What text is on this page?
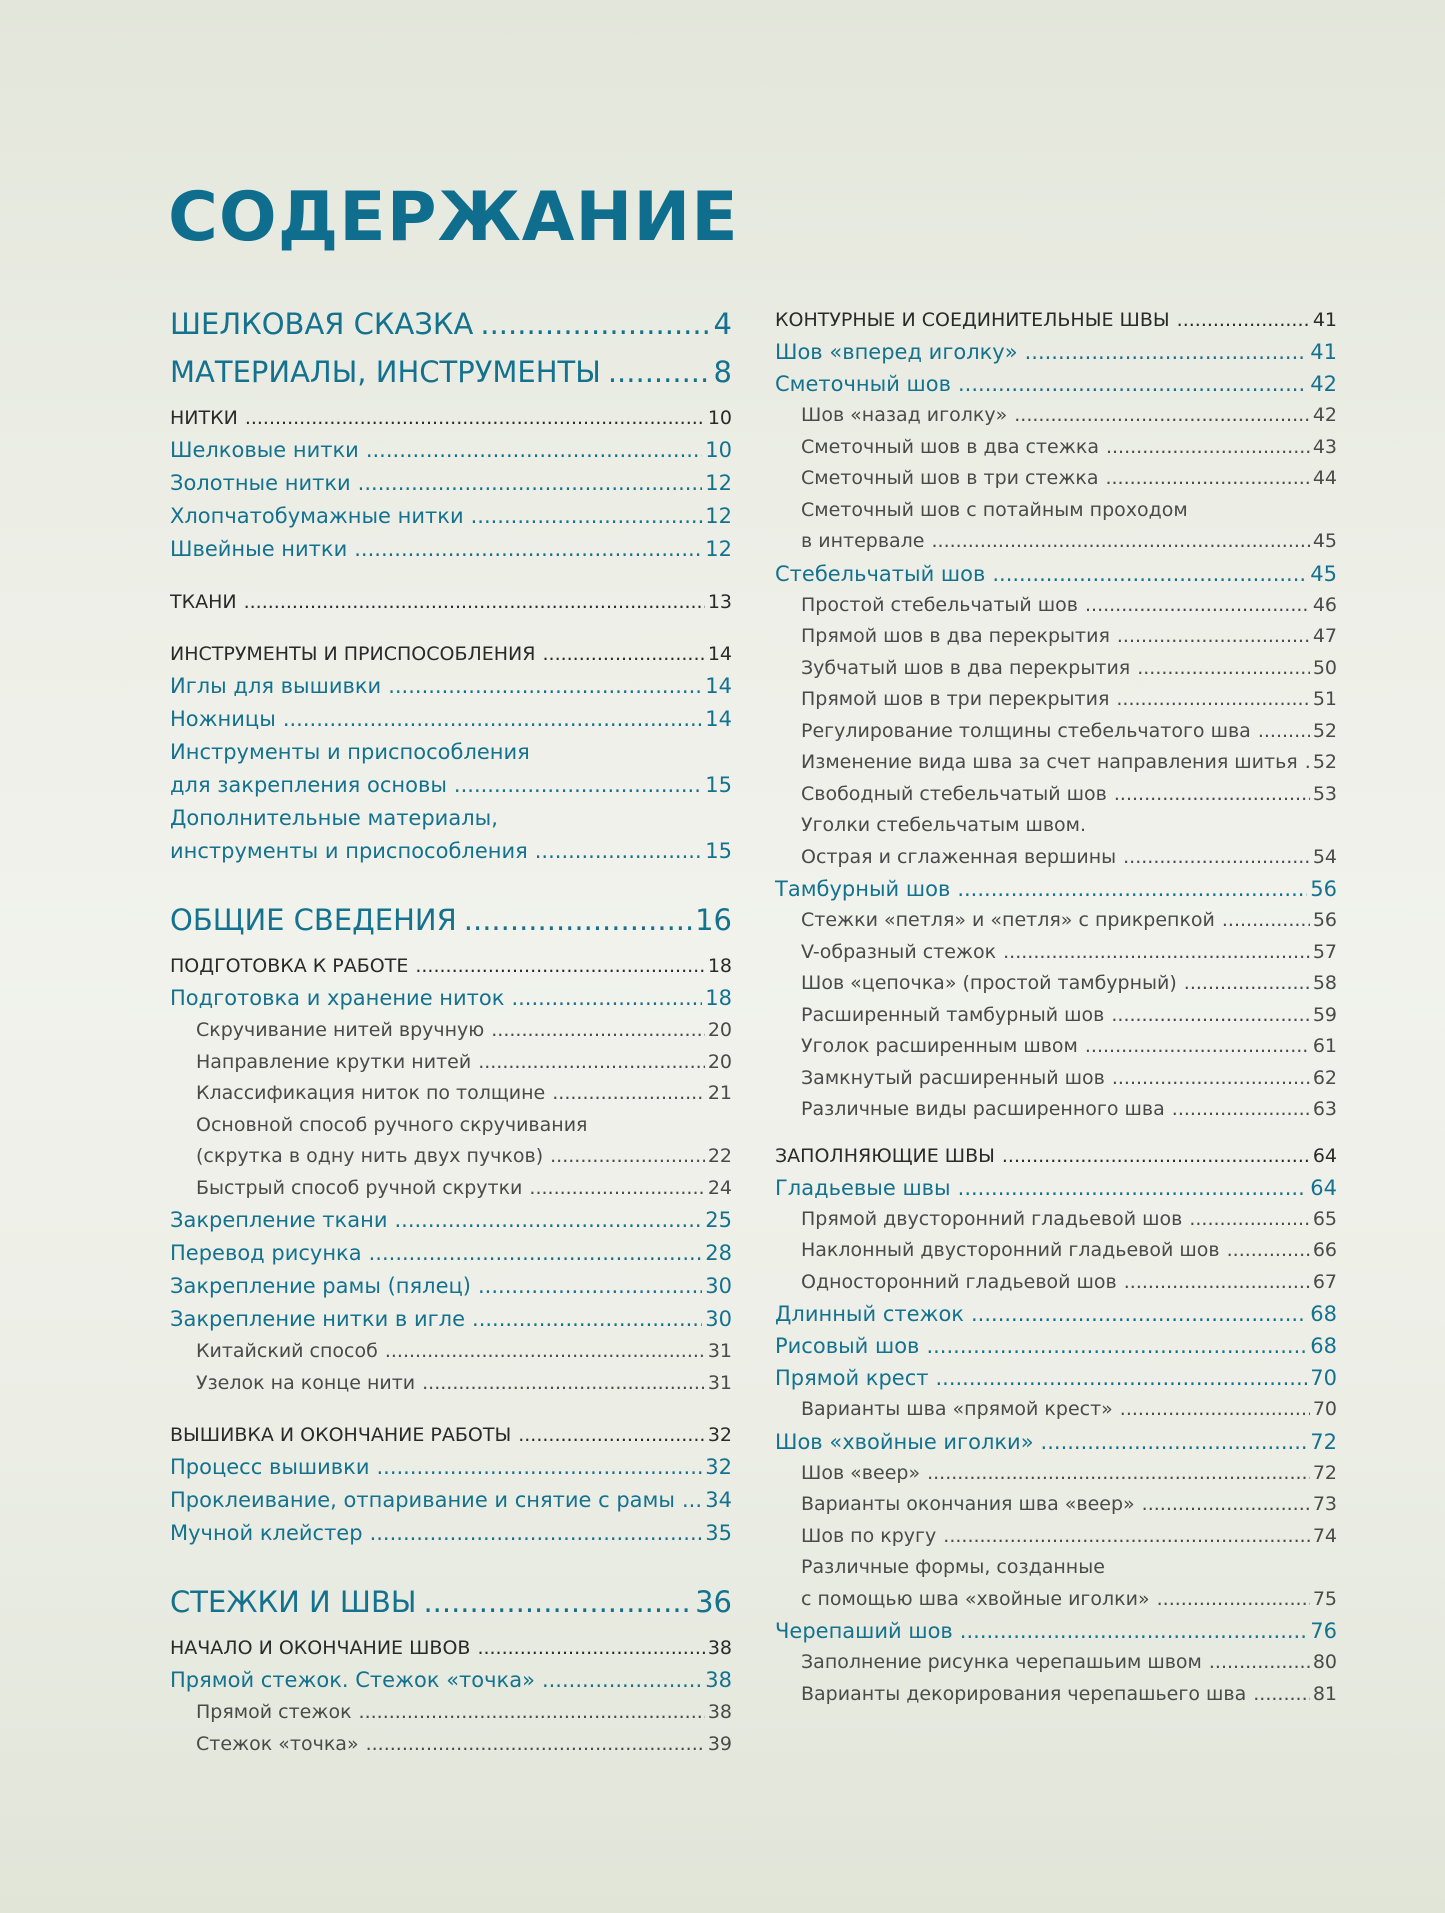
СОДЕРЖАНИЕ
ШЕЛКОВАЯ СКАЗКА .....	4
МАТЕРИАЛЫ, ИНСТРУМЕНТЫ .....	8
НИТКИ .....	10
Шелковые нитки .....	10
Золотные нитки .....	12
Хлопчатобумажные нитки .....	12
Швейные нитки .....	12
ТКАНИ .....	13
ИНСТРУМЕНТЫ И ПРИСПОСОБЛЕНИЯ .....	14
Иглы для вышивки .....	14
Ножницы .....	14
Инструменты и приспособления
для закрепления основы .....	15
Дополнительные материалы,
инструменты и приспособления .....	15
ОБЩИЕ СВЕДЕНИЯ .....	16
ПОДГОТОВКА К РАБОТЕ .....	18
Подготовка и хранение ниток .....	18
Скручивание нитей вручную .....	20
Направление крутки нитей .....	20
Классификация ниток по толщине .....	21
Основной способ ручного скручивания
(скрутка в одну нить двух пучков) .....	22
Быстрый способ ручной скрутки .....	24
Закрепление ткани .....	25
Перевод рисунка .....	28
Закрепление рамы (пялец) .....	30
Закрепление нитки в игле .....	30
Китайский способ .....	31
Узелок на конце нити .....	31
ВЫШИВКА И ОКОНЧАНИЕ РАБОТЫ .....	32
Процесс вышивки .....	32
Проклеивание, отпаривание и снятие с рамы ..... 34
Мучной клейстер .....	35
СТЕЖКИ И ШВЫ .....	36
НАЧАЛО И ОКОНЧАНИЕ ШВОВ .....	38
Прямой стежок. Стежок «точка» .....	38
Прямой стежок .....	38
Стежок «точка» .....	39
КОНТУРНЫЕ И СОЕДИНИТЕЛЬНЫЕ ШВЫ .....	41
Шов «вперед иголку» .....	41
Сметочный шов .....	42
Шов «назад иголку» .....	42
Сметочный шов в два стежка .....	43
Сметочный шов в три стежка .....	44
Сметочный шов с потайным проходом
в интервале .....	45
Стебельчатый шов .....	45
Простой стебельчатый шов .....	46
Прямой шов в два перекрытия .....	47
Зубчатый шов в два перекрытия .....	50
Прямой шов в три перекрытия .....	51
Регулирование толщины стебельчатого шва .....	52
Изменение вида шва за счет направления шитья ..... 52
Свободный стебельчатый шов .....	53
Уголки стебельчатым швом.
Острая и сглаженная вершины .....	54
Тамбурный шов .....	56
Стежки «петля» и «петля» с прикрепкой .....	56
V-образный стежок .....	57
Шов «цепочка» (простой тамбурный) .....	58
Расширенный тамбурный шов .....	59
Уголок расширенным швом .....	61
Замкнутый расширенный шов .....	62
Различные виды расширенного шва .....	63
ЗАПОЛНЯЮЩИЕ ШВЫ .....	64
Гладьевые швы .....	64
Прямой двусторонний гладьевой шов .....	65
Наклонный двусторонний гладьевой шов .....	66
Односторонний гладьевой шов .....	67
Длинный стежок .....	68
Рисовый шов .....	68
Прямой крест .....	70
Варианты шва «прямой крест» .....	70
Шов «хвойные иголки» .....	72
Шов «веер» .....	72
Варианты окончания шва «веер» .....	73
Шов по кругу .....	74
Различные формы, созданные
с помощью шва «хвойные иголки» .....	75
Черепаший шов .....	76
Заполнение рисунка черепашьим швом .....	80
Варианты декорирования черепашьего шва .....	81
